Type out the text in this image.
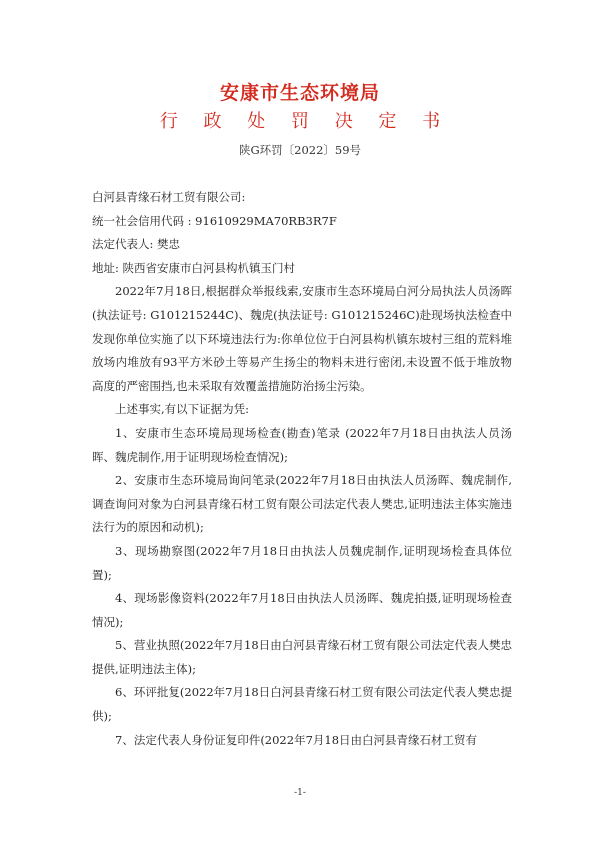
安康市生态环境局
行 政 处 罚 决 定 书
陕G环罚〔2022〕59号

白河县青缘石材工贸有限公司:

统一社会信用代码 : 91610929MA70RB3R7F

法定代表人: 樊忠

地址: 陕西省安康市白河县构朳镇玉门村

2022年7月18日,根据群众举报线索,安康市生态环境局白河分局执法人员汤晖(执法证号: G101215244C)、魏虎(执法证号: G101215246C)赴现场执法检查中发现你单位实施了以下环境违法行为:你单位位于白河县构朳镇东坡村三组的荒料堆放场内堆放有93平方米砂土等易产生扬尘的物料未进行密闭,未设置不低于堆放物高度的严密围挡,也未采取有效覆盖措施防治扬尘污染。

上述事实,有以下证据为凭:

1、安康市生态环境局现场检查(勘查)笔录 (2022年7月18日由执法人员汤晖、魏虎制作,用于证明现场检查情况);

2、安康市生态环境局询问笔录(2022年7月18日由执法人员汤晖、魏虎制作,调查询问对象为白河县青缘石材工贸有限公司法定代表人樊忠,证明违法主体实施违法行为的原因和动机);

3、现场勘察图(2022年7月18日由执法人员魏虎制作,证明现场检查具体位置);

4、现场影像资料(2022年7月18日由执法人员汤晖、魏虎拍摄,证明现场检查情况);

5、营业执照(2022年7月18日由白河县青缘石材工贸有限公司法定代表人樊忠提供,证明违法主体);

6、环评批复(2022年7月18日白河县青缘石材工贸有限公司法定代表人樊忠提供);

7、法定代表人身份证复印件(2022年7月18日由白河县青缘石材工贸有

-1-
